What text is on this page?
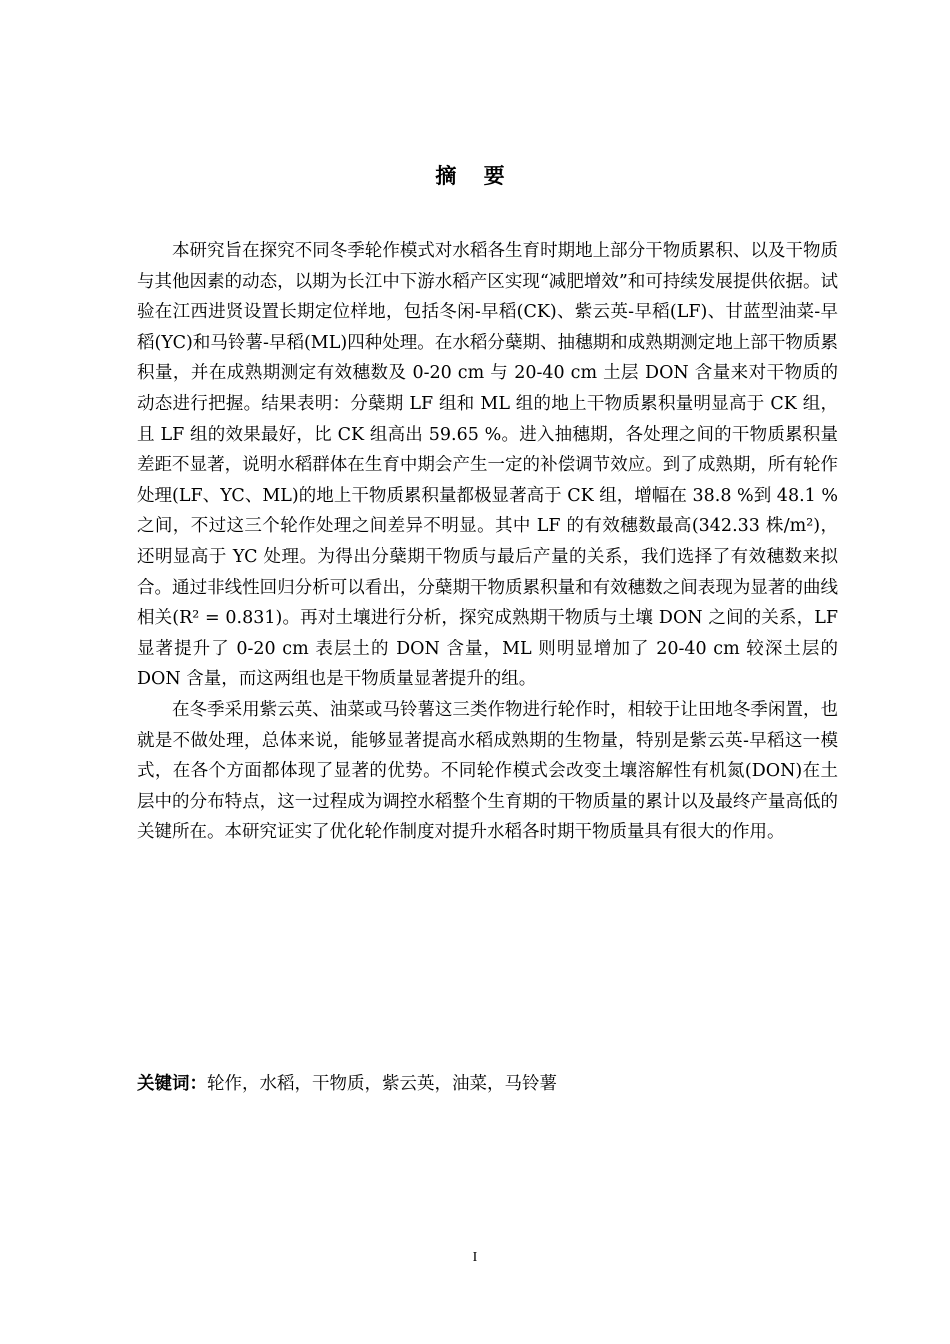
摘 要

本研究旨在探究不同冬季轮作模式对水稻各生育时期地上部分干物质累积、以及干物质与其他因素的动态，以期为长江中下游水稻产区实现“减肥增效”和可持续发展提供依据。试验在江西进贤设置长期定位样地，包括冬闲-早稻(CK)、紫云英-早稻(LF)、甘蓝型油菜-早稻(YC)和马铃薯-早稻(ML)四种处理。在水稻分蘖期、抽穗期和成熟期测定地上部干物质累积量，并在成熟期测定有效穗数及 0-20 cm 与 20-40 cm 土层 DON 含量来对干物质的动态进行把握。结果表明：分蘖期 LF 组和 ML 组的地上干物质累积量明显高于 CK 组，且 LF 组的效果最好，比 CK 组高出 59.65 %。进入抽穗期，各处理之间的干物质累积量差距不显著，说明水稻群体在生育中期会产生一定的补偿调节效应。到了成熟期，所有轮作处理(LF、YC、ML)的地上干物质累积量都极显著高于 CK 组，增幅在 38.8 %到 48.1 %之间，不过这三个轮作处理之间差异不明显。其中 LF 的有效穗数最高(342.33 株/m²)，还明显高于 YC 处理。为得出分蘖期干物质与最后产量的关系，我们选择了有效穗数来拟合。通过非线性回归分析可以看出，分蘖期干物质累积量和有效穗数之间表现为显著的曲线相关(R² = 0.831)。再对土壤进行分析，探究成熟期干物质与土壤 DON 之间的关系，LF 显著提升了 0-20 cm 表层土的 DON 含量，ML 则明显增加了 20-40 cm 较深土层的 DON 含量，而这两组也是干物质量显著提升的组。

在冬季采用紫云英、油菜或马铃薯这三类作物进行轮作时，相较于让田地冬季闲置，也就是不做处理，总体来说，能够显著提高水稻成熟期的生物量，特别是紫云英-早稻这一模式，在各个方面都体现了显著的优势。不同轮作模式会改变土壤溶解性有机氮(DON)在土层中的分布特点，这一过程成为调控水稻整个生育期的干物质量的累计以及最终产量高低的关键所在。本研究证实了优化轮作制度对提升水稻各时期干物质量具有很大的作用。

关键词：轮作，水稻，干物质，紫云英，油菜，马铃薯

I
